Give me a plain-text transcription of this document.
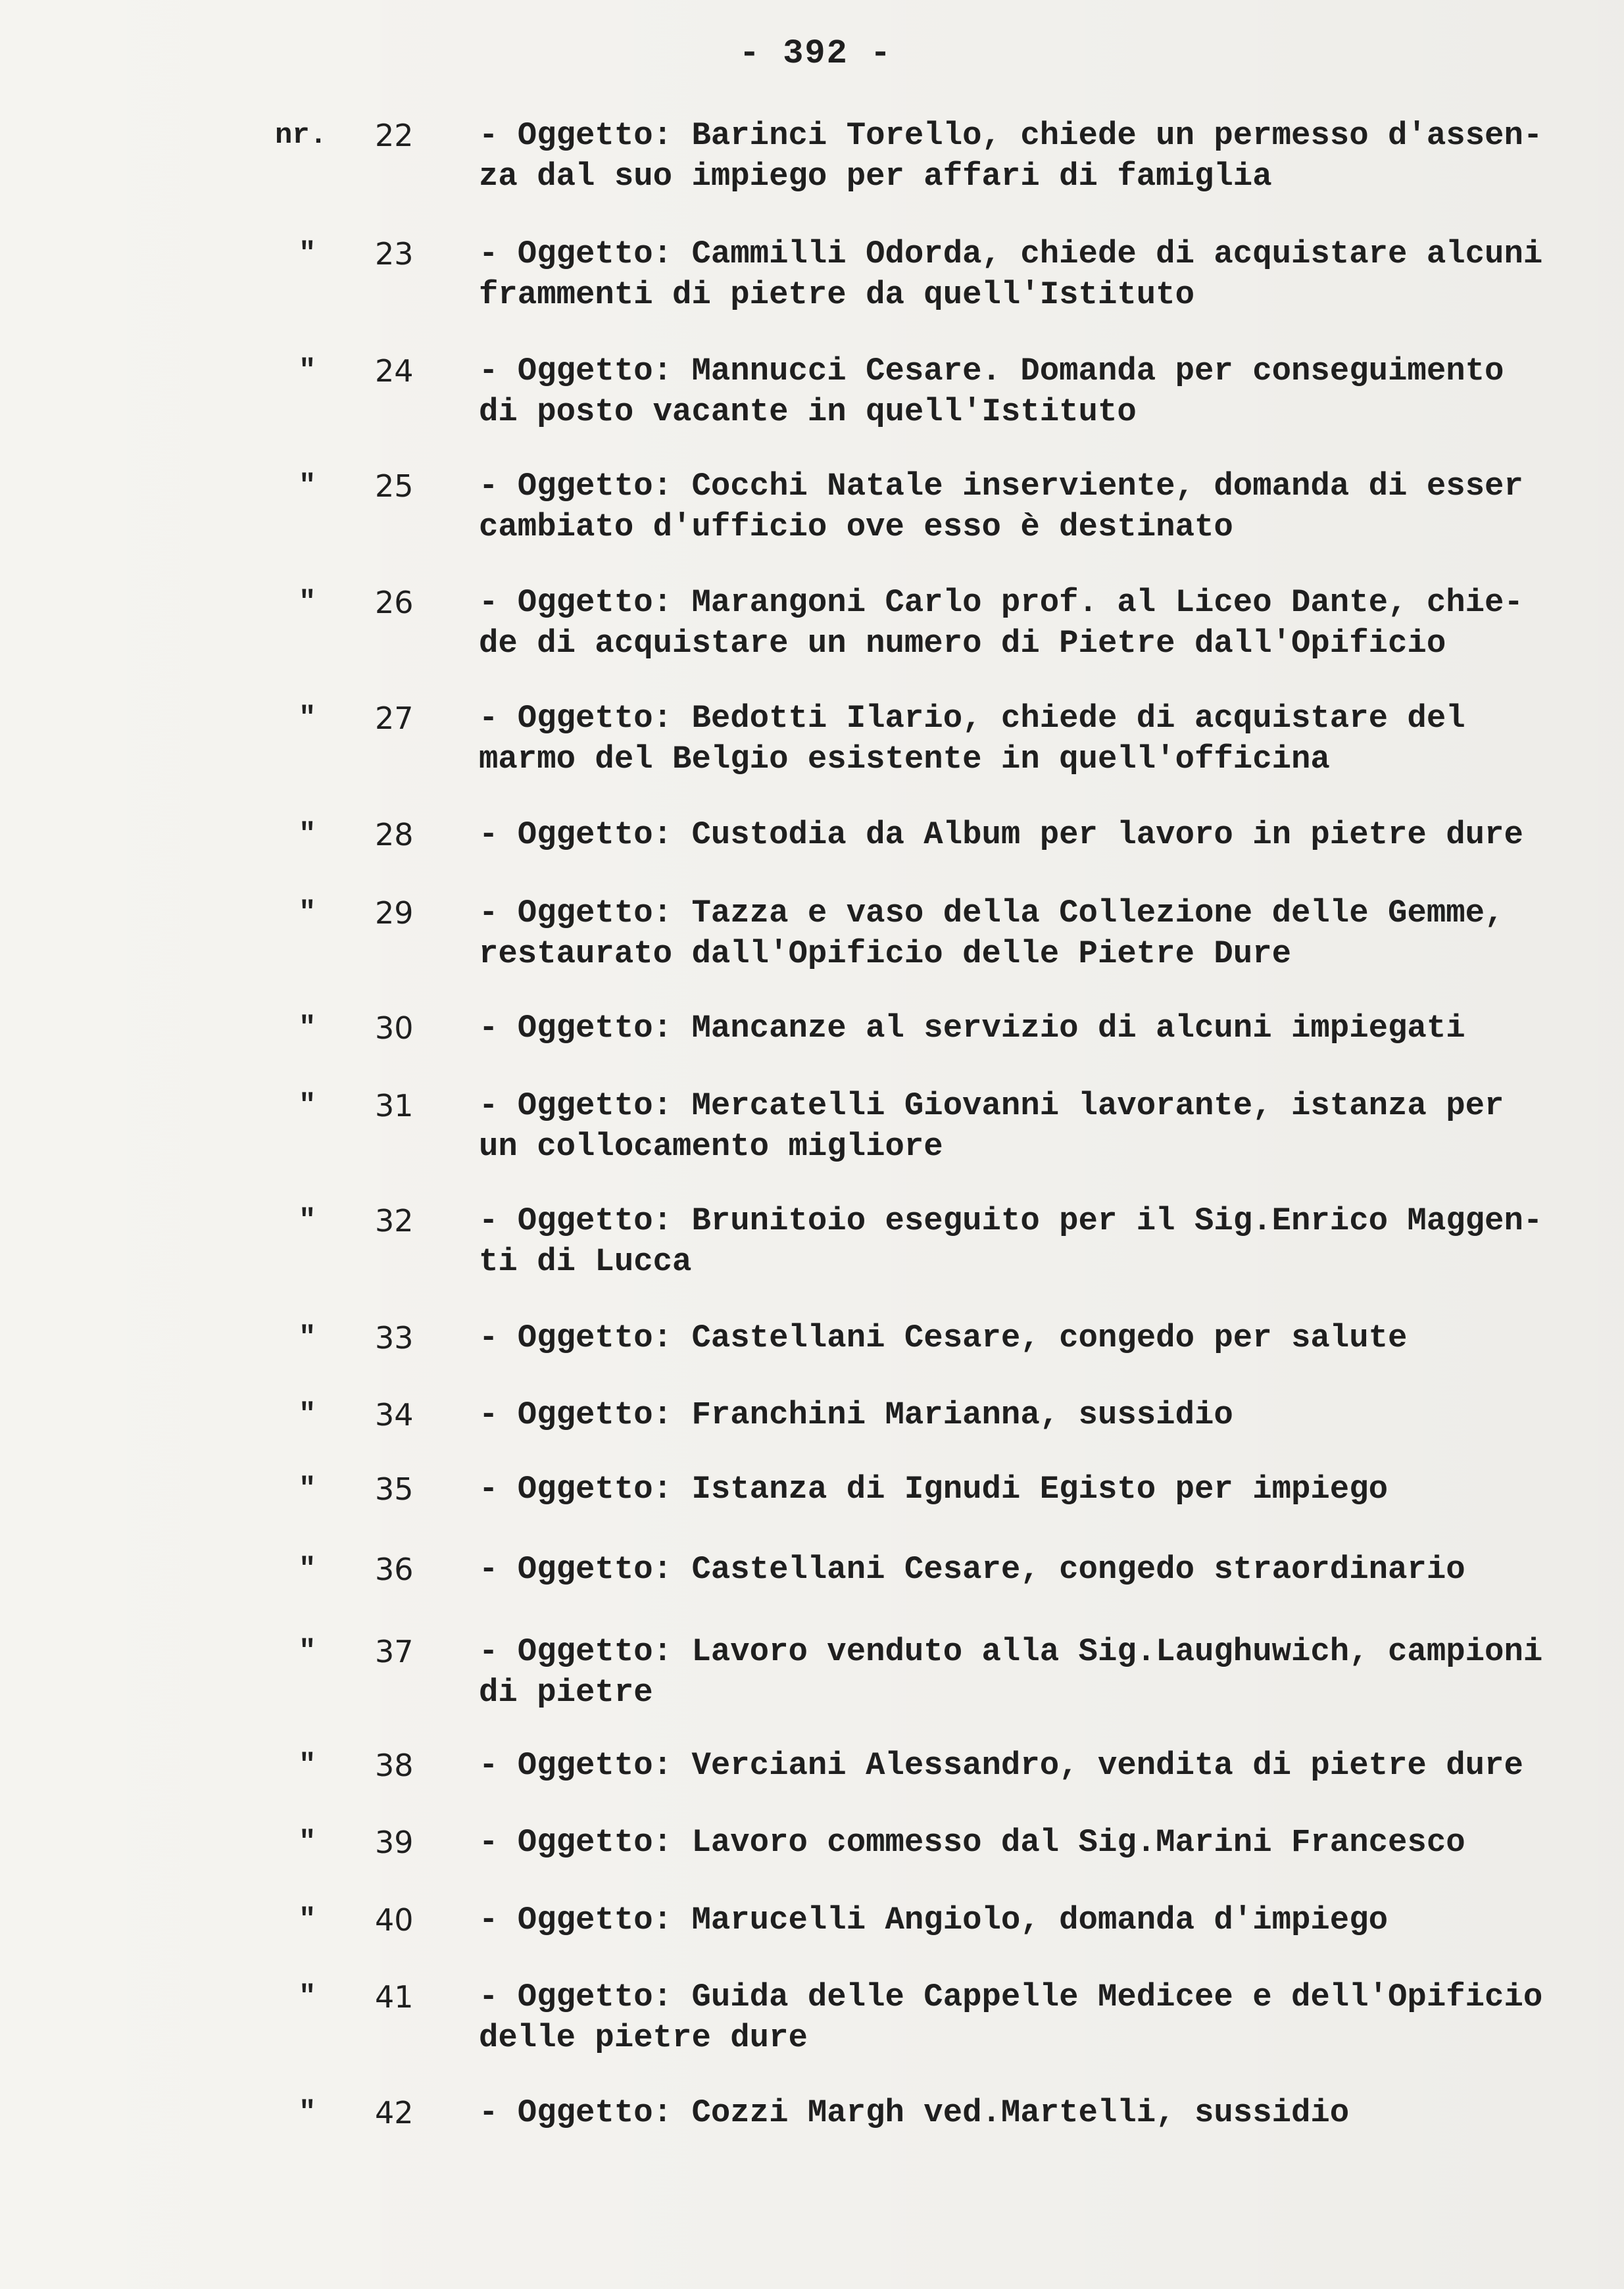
- 392 -
nr.	22	- Oggetto: Barinci Torello, chiede un permesso d'assen-
za dal suo impiego per affari di famiglia
"	23	- Oggetto: Cammilli Odorda, chiede di acquistare alcuni
frammenti di pietre da quell'Istituto
"	24	- Oggetto: Mannucci Cesare. Domanda per conseguimento
di posto vacante in quell'Istituto
"	25	- Oggetto: Cocchi Natale inserviente, domanda di esser
cambiato d'ufficio ove esso è destinato
"	26	- Oggetto: Marangoni Carlo prof. al Liceo Dante, chie-
de di acquistare un numero di Pietre dall'Opificio
"	27	- Oggetto: Bedotti Ilario, chiede di acquistare del
marmo del Belgio esistente in quell'officina
"	28	- Oggetto: Custodia da Album per lavoro in pietre dure
"	29	- Oggetto: Tazza e vaso della Collezione delle Gemme,
restaurato dall'Opificio delle Pietre Dure
"	30	- Oggetto: Mancanze al servizio di alcuni impiegati
"	31	- Oggetto: Mercatelli Giovanni lavorante, istanza per
un collocamento migliore
"	32	- Oggetto: Brunitoio eseguito per il Sig.Enrico Maggen-
ti di Lucca
"	33	- Oggetto: Castellani Cesare, congedo per salute
"	34	- Oggetto: Franchini Marianna, sussidio
"	35	- Oggetto: Istanza di Ignudi Egisto per impiego
"	36	- Oggetto: Castellani Cesare, congedo straordinario
"	37	- Oggetto: Lavoro venduto alla Sig.Laughuwich, campioni
di pietre
"	38	- Oggetto: Verciani Alessandro, vendita di pietre dure
"	39	- Oggetto: Lavoro commesso dal Sig.Marini Francesco
"	40	- Oggetto: Marucelli Angiolo, domanda d'impiego
"	41	- Oggetto: Guida delle Cappelle Medicee e dell'Opificio
delle pietre dure
"	42	- Oggetto: Cozzi Margh ved.Martelli, sussidio
